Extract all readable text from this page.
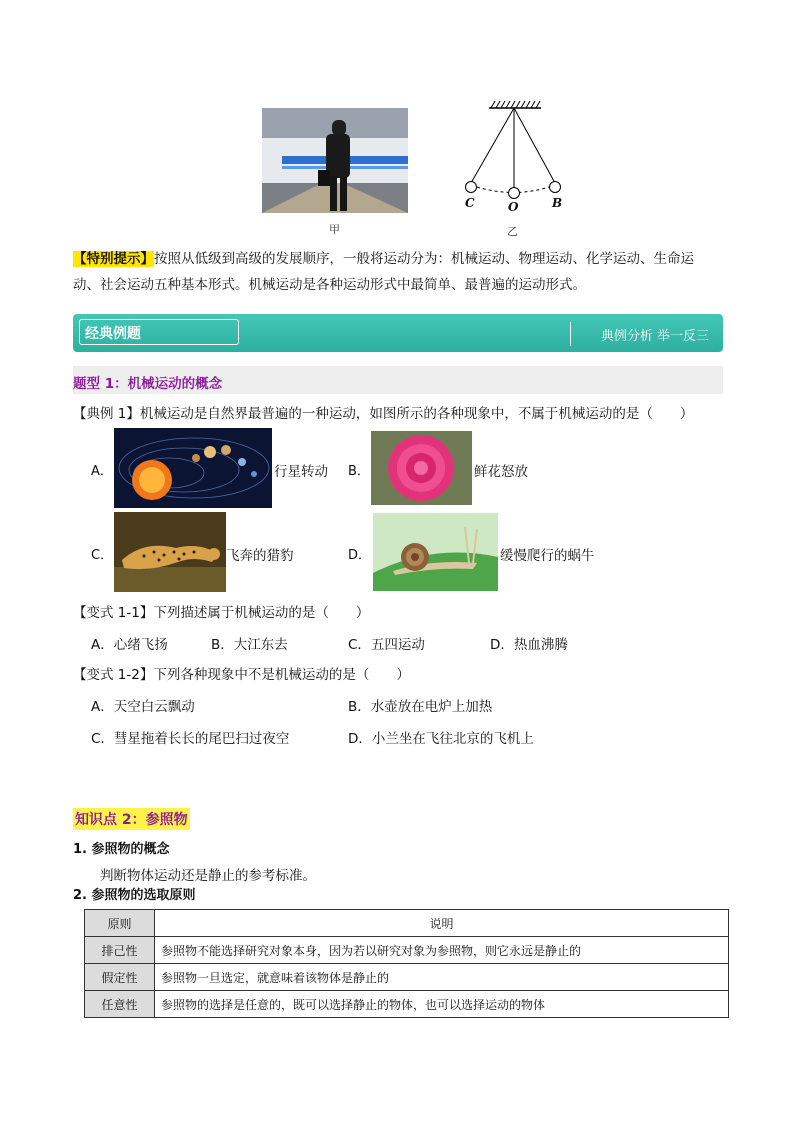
甲
C	O	B
乙
【特别提示】按照从低级到高级的发展顺序，一般将运动分为：机械运动、物理运动、化学运动、生命运
动、社会运动五种基本形式。机械运动是各种运动形式中最简单、最普遍的运动形式。
经典例题	典例分析 举一反三
题型 1：机械运动的概念
【典例 1】机械运动是自然界最普遍的一种运动，如图所示的各种现象中，不属于机械运动的是（　　）
A．	行星转动 B．	鲜花怒放
C．	飞奔的猎豹	D．	缓慢爬行的蜗牛
【变式 1-1】下列描述属于机械运动的是（　　）
A．心绪飞扬	B．大江东去	C．五四运动	D．热血沸腾
【变式 1-2】下列各种现象中不是机械运动的是（　　）
A．天空白云飘动	B．水壶放在电炉上加热
C．彗星拖着长长的尾巴扫过夜空	D．小兰坐在飞往北京的飞机上
知识点 2：参照物
1. 参照物的概念
判断物体运动还是静止的参考标准。
2. 参照物的选取原则
原则	说明
排己性	参照物不能选择研究对象本身，因为若以研究对象为参照物，则它永远是静止的
假定性	参照物一旦选定，就意味着该物体是静止的
任意性	参照物的选择是任意的，既可以选择静止的物体，也可以选择运动的物体
